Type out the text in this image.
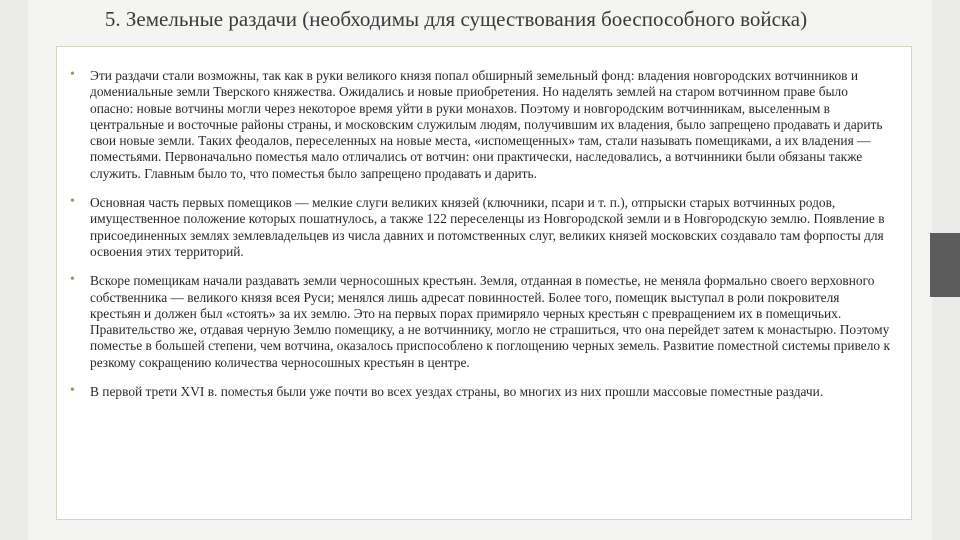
5. Земельные раздачи (необходимы для существования боеспособного войска)
• Эти раздачи стали возможны, так как в руки великого князя попал обширный земельный фонд: владения новгородских вотчинников и домениальные земли Тверского княжества. Ожидались и новые приобретения. Но наделять землей на старом вотчинном праве было опасно: новые вотчины могли через некоторое время уйти в руки монахов. Поэтому и новгородским вотчинникам, выселенным в центральные и восточные районы страны, и московским служилым людям, получившим их владения, было запрещено продавать и дарить свои новые земли. Таких феодалов, переселенных на новые места, «испомещенных» там, стали называть помещиками, а их владения — поместьями. Первоначально поместья мало отличались от вотчин: они практически, наследовались, а вотчинники были обязаны также служить. Главным было то, что поместья было запрещено продавать и дарить.
• Основная часть первых помещиков — мелкие слуги великих князей (ключники, псари и т. п.), отпрыски старых вотчинных родов, имущественное положение которых пошатнулось, а также 122 переселенцы из Новгородской земли и в Новгородскую землю. Появление в присоединенных землях землевладельцев из числа давних и потомственных слуг, великих князей московских создавало там форпосты для освоения этих территорий.
• Вскоре помещикам начали раздавать земли черносошных крестьян. Земля, отданная в поместье, не меняла формально своего верховного собственника — великого князя всея Руси; менялся лишь адресат повинностей. Более того, помещик выступал в роли покровителя крестьян и должен был «стоять» за их землю. Это на первых порах примиряло черных крестьян с превращением их в помещичьих. Правительство же, отдавая черную Землю помещику, а не вотчиннику, могло не страшиться, что она перейдет затем к монастырю. Поэтому поместье в большей степени, чем вотчина, оказалось приспособлено к поглощению черных земель. Развитие поместной системы привело к резкому сокращению количества черносошных крестьян в центре.
• В первой трети XVI в. поместья были уже почти во всех уездах страны, во многих из них прошли массовые поместные раздачи.
